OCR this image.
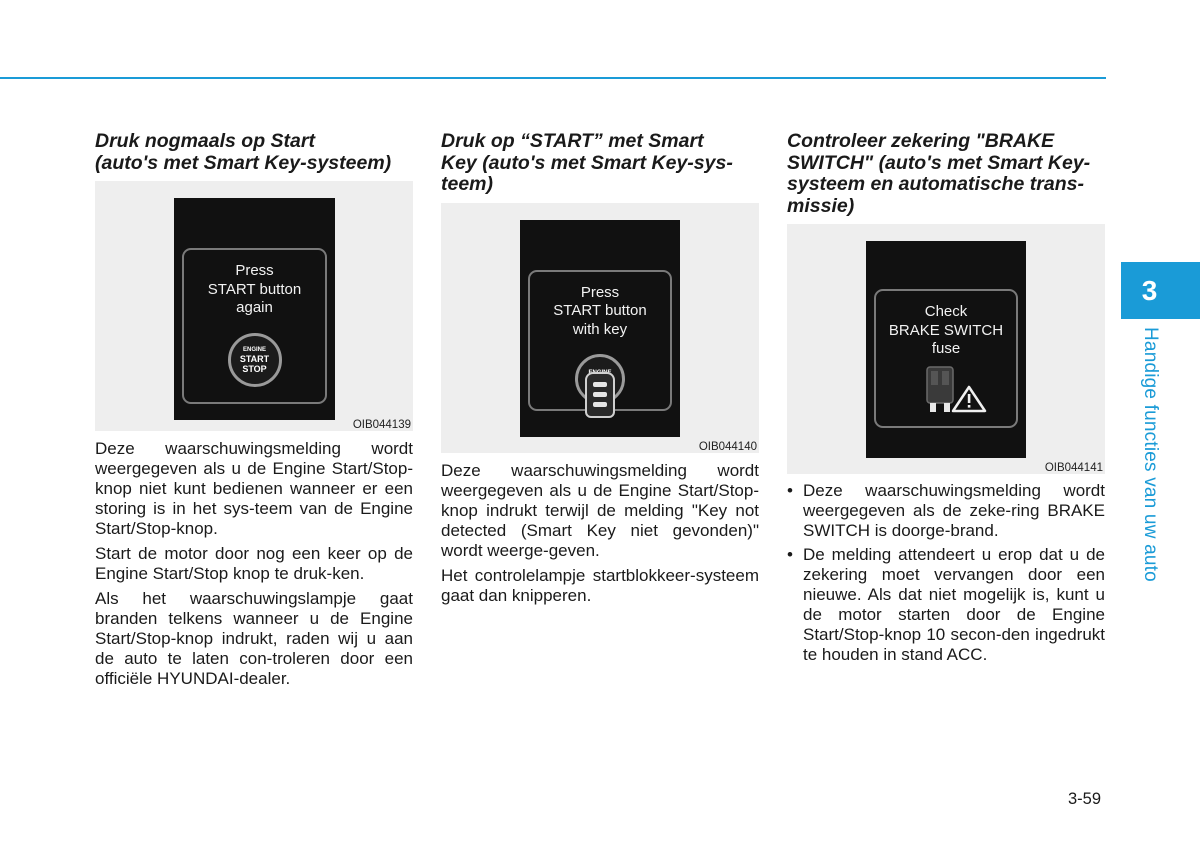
Druk nogmaals op Start
(auto's met Smart Key-systeem)
Press
START button
again
ENGINE
START
STOP
OIB044139

Deze waarschuwingsmelding wordt weergegeven als u de Engine Start/Stop-knop niet kunt bedienen wanneer er een storing is in het sys-teem van de Engine Start/Stop-knop.

Start de motor door nog een keer op de Engine Start/Stop knop te druk-ken.

Als het waarschuwingslampje gaat branden telkens wanneer u de Engine Start/Stop-knop indrukt, raden wij u aan de auto te laten con-troleren door een officiële HYUNDAI-dealer.

Druk op “START” met Smart
Key (auto's met Smart Key-sys-
teem)
Press
START button
with key
OIB044140

Deze waarschuwingsmelding wordt weergegeven als u de Engine Start/Stop-knop indrukt terwijl de melding "Key not detected (Smart Key niet gevonden)" wordt weerge-geven.

Het controlelampje startblokkeer-systeem gaat dan knipperen.

Controleer zekering "BRAKE
SWITCH" (auto's met Smart Key-
systeem en automatische trans-
missie)
Check
BRAKE SWITCH
fuse
OIB044141
• Deze waarschuwingsmelding wordt weergegeven als de zeke-ring BRAKE SWITCH is doorge-brand.
• De melding attendeert u erop dat u de zekering moet vervangen door een nieuwe. Als dat niet mogelijk is, kunt u de motor starten door de Engine Start/Stop-knop 10 secon-den ingedrukt te houden in stand ACC.
3
Handige functies van uw auto
3-59
